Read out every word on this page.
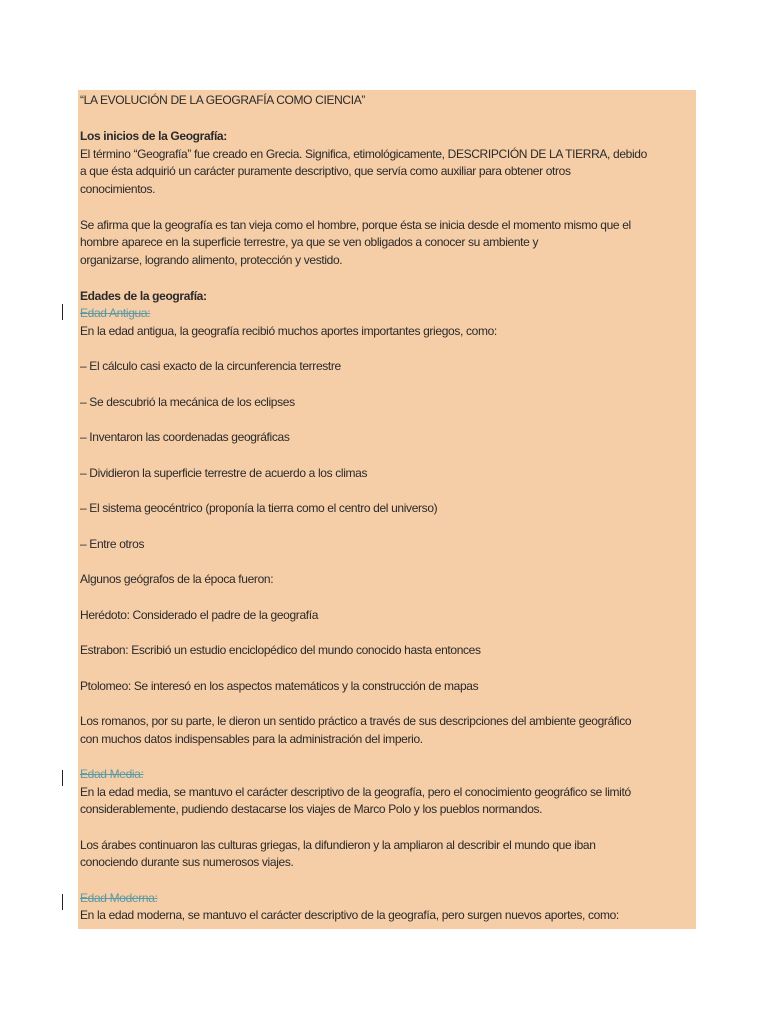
“LA EVOLUCIÓN DE LA GEOGRAFÍA COMO CIENCIA”
Los inicios de la Geografía:
El término “Geografía” fue creado en Grecia. Significa, etimológicamente, DESCRIPCIÓN DE LA TIERRA, debido
a que ésta adquirió un carácter puramente descriptivo, que servía como auxiliar para obtener otros
conocimientos.
Se afirma que la geografía es tan vieja como el hombre, porque ésta se inicia desde el momento mismo que el
hombre aparece en la superficie terrestre, ya que se ven obligados a conocer su ambiente y
organizarse, logrando alimento, protección y vestido.
Edades de la geografía:
Edad Antigua:
En la edad antigua, la geografía recibió muchos aportes importantes griegos, como:
– El cálculo casi exacto de la circunferencia terrestre
– Se descubrió la mecánica de los eclipses
– Inventaron las coordenadas geográficas
– Dividieron la superficie terrestre de acuerdo a los climas
– El sistema geocéntrico (proponía la tierra como el centro del universo)
– Entre otros
Algunos geógrafos de la época fueron:
Herédoto: Considerado el padre de la geografía
Estrabon: Escribió un estudio enciclopédico del mundo conocido hasta entonces
Ptolomeo: Se interesó en los aspectos matemáticos y la construcción de mapas
Los romanos, por su parte, le dieron un sentido práctico a través de sus descripciones del ambiente geográfico
con muchos datos indispensables para la administración del imperio.
Edad Media:
En la edad media, se mantuvo el carácter descriptivo de la geografía, pero el conocimiento geográfico se limitó
considerablemente, pudiendo destacarse los viajes de Marco Polo y los pueblos normandos.
Los árabes continuaron las culturas griegas, la difundieron y la ampliaron al describir el mundo que iban
conociendo durante sus numerosos viajes.
Edad Moderna:
En la edad moderna, se mantuvo el carácter descriptivo de la geografía, pero surgen nuevos aportes, como:
